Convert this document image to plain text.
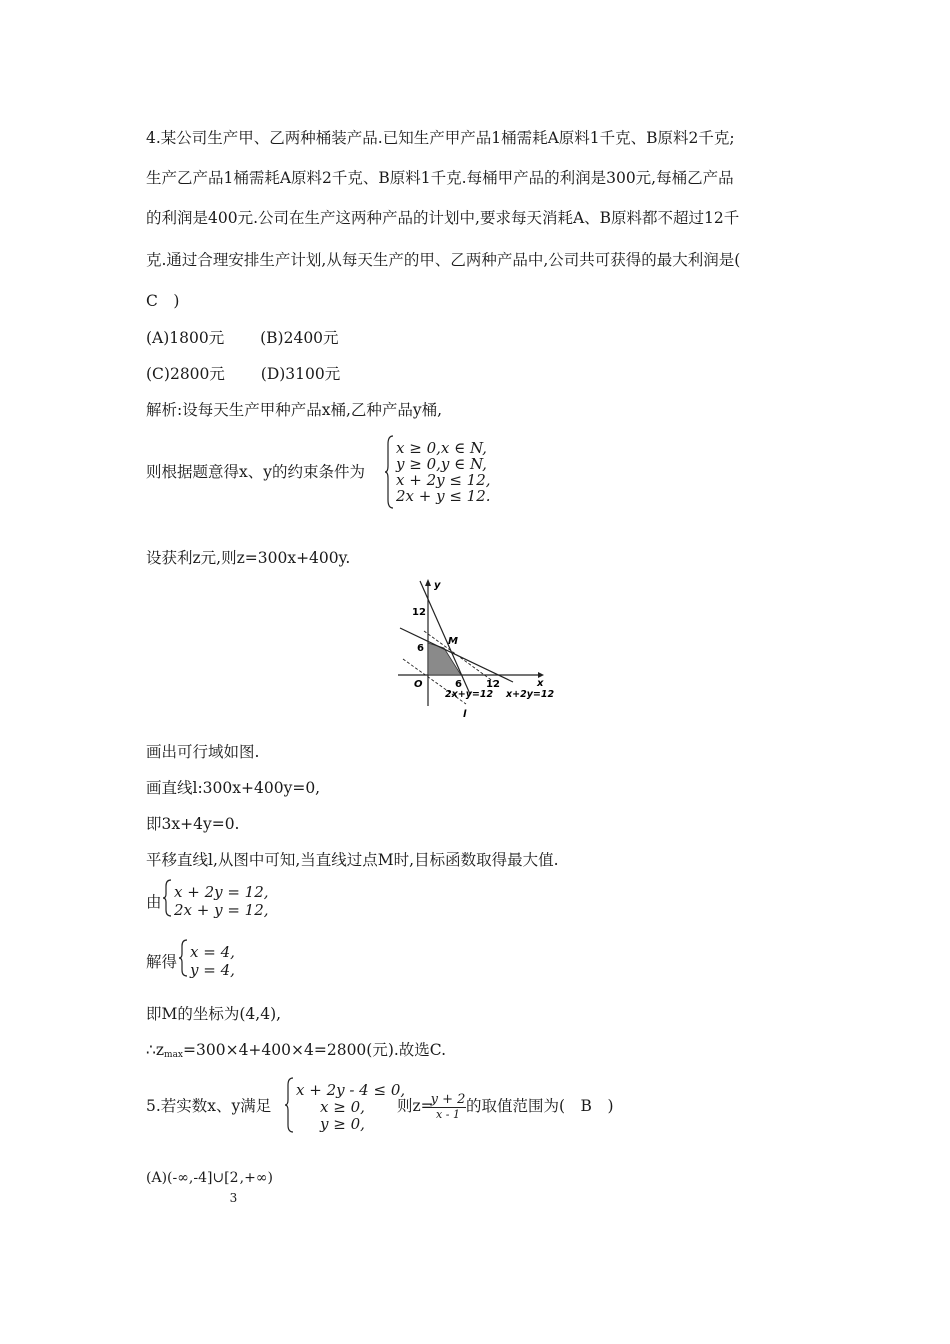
4.某公司生产甲、乙两种桶装产品.已知生产甲产品1桶需耗A原料1千克、B原料2千克;
生产乙产品1桶需耗A原料2千克、B原料1千克.每桶甲产品的利润是300元,每桶乙产品
的利润是400元.公司在生产这两种产品的计划中,要求每天消耗A、B原料都不超过12千
克.通过合理安排生产计划,从每天生产的甲、乙两种产品中,公司共可获得的最大利润是(
C　)
(A)1800元 (B)2400元
(C)2800元 (D)3100元
解析:设每天生产甲种产品x桶,乙种产品y桶,
则根据题意得x、y的约束条件为
x ≥ 0,x ∈ N,
y ≥ 0,y ∈ N,
x + 2y ≤ 12,
2x + y ≤ 12.
设获利z元,则z=300x+400y.
y
12
6
M
O	6 12	x
2x+y=12 x+2y=12
l
画出可行域如图.
画直线l:300x+400y=0,
即3x+4y=0.
平移直线l,从图中可知,当直线过点M时,目标函数取得最大值.
由
x + 2y = 12,
2x + y = 12,
解得
x = 4,
y = 4,
即M的坐标为(4,4),
$\therefore z_{max}=300\times 4+400\times 4=2800$(元).故选C.
5.若实数x、y满足
x + 2y - 4 ≤ 0,
x ≥ 0,
y ≥ 0,
则z=
y + 2
x - 1 的取值范围为(　B　)
(A)(-∞,-4]∪[2
3
,+∞)
